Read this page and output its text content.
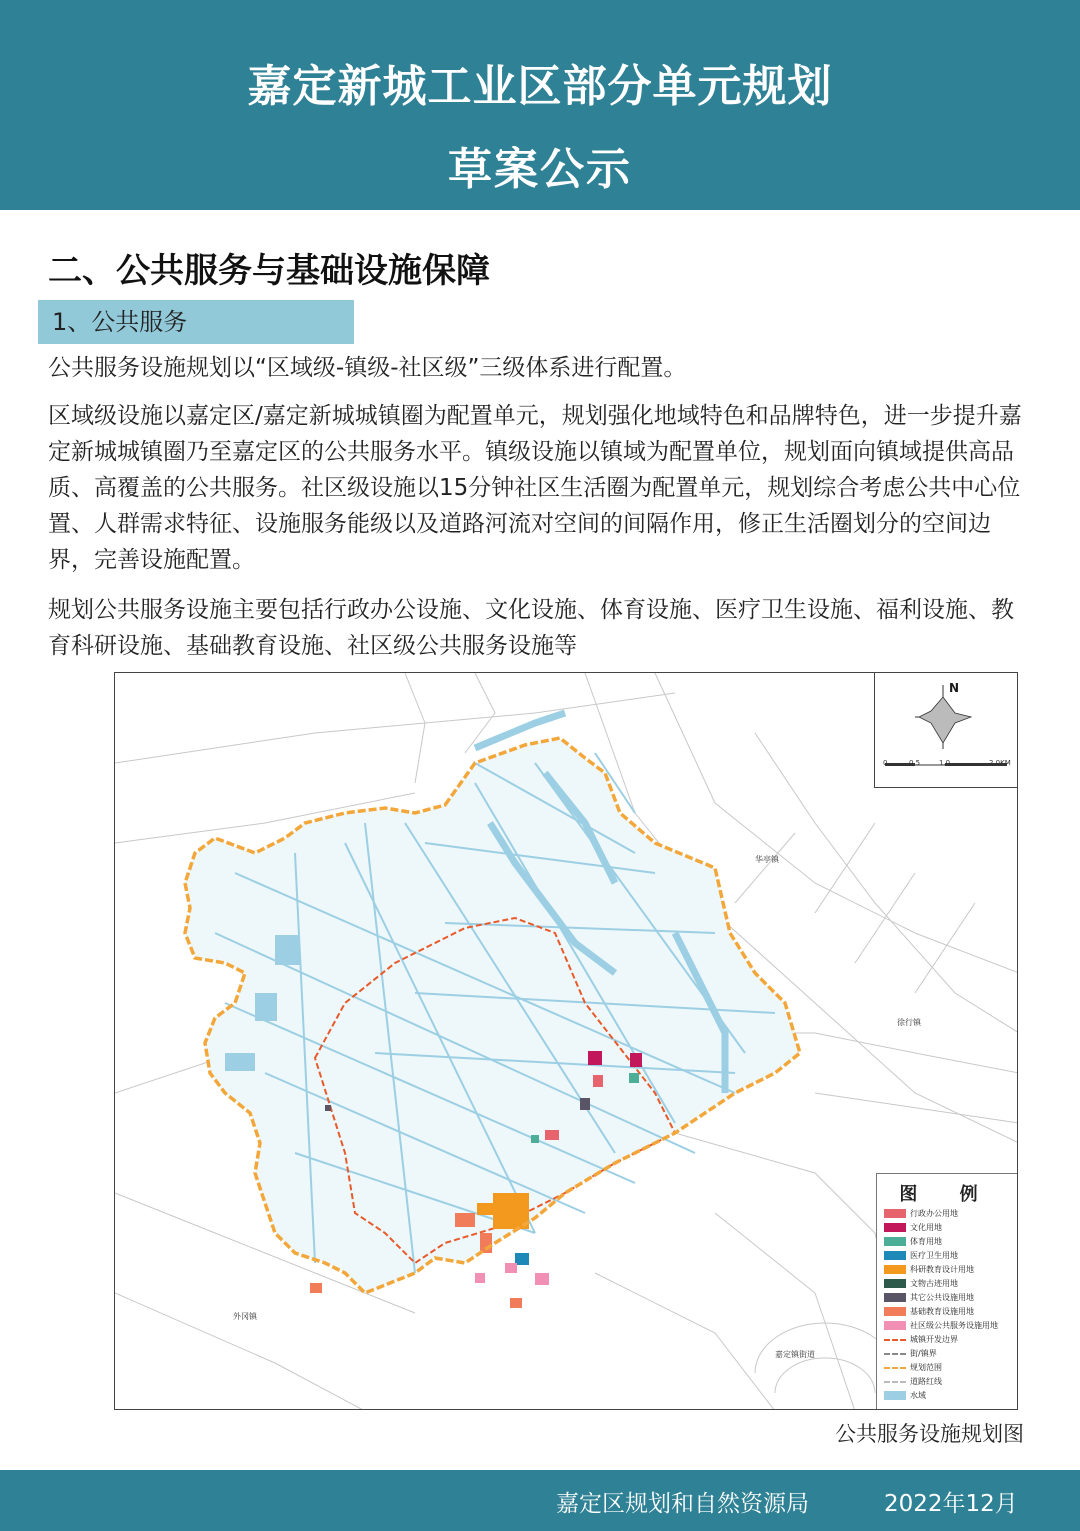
嘉定新城工业区部分单元规划
草案公示
二、公共服务与基础设施保障
1、公共服务
公共服务设施规划以“区域级-镇级-社区级”三级体系进行配置。
区域级设施以嘉定区/嘉定新城城镇圈为配置单元，规划强化地域特色和品牌特色，进一步提升嘉定新城城镇圈乃至嘉定区的公共服务水平。镇级设施以镇域为配置单位，规划面向镇域提供高品质、高覆盖的公共服务。社区级设施以15分钟社区生活圈为配置单元，规划综合考虑公共中心位置、人群需求特征、设施服务能级以及道路河流对空间的间隔作用，修正生活圈划分的空间边界，完善设施配置。
规划公共服务设施主要包括行政办公设施、文化设施、体育设施、医疗卫生设施、福利设施、教育科研设施、基础教育设施、社区级公共服务设施等
N
0	0.5	1.0	2.0KM
华亭镇
徐行镇
外冈镇
嘉定镇街道
图 例
行政办公用地
文化用地
体育用地
医疗卫生用地
科研教育设计用地
文物古迹用地
其它公共设施用地
基础教育设施用地
社区级公共服务设施用地
城镇开发边界
街/镇界
规划范围
道路红线
水域
公共服务设施规划图
嘉定区规划和自然资源局	2022年12月
